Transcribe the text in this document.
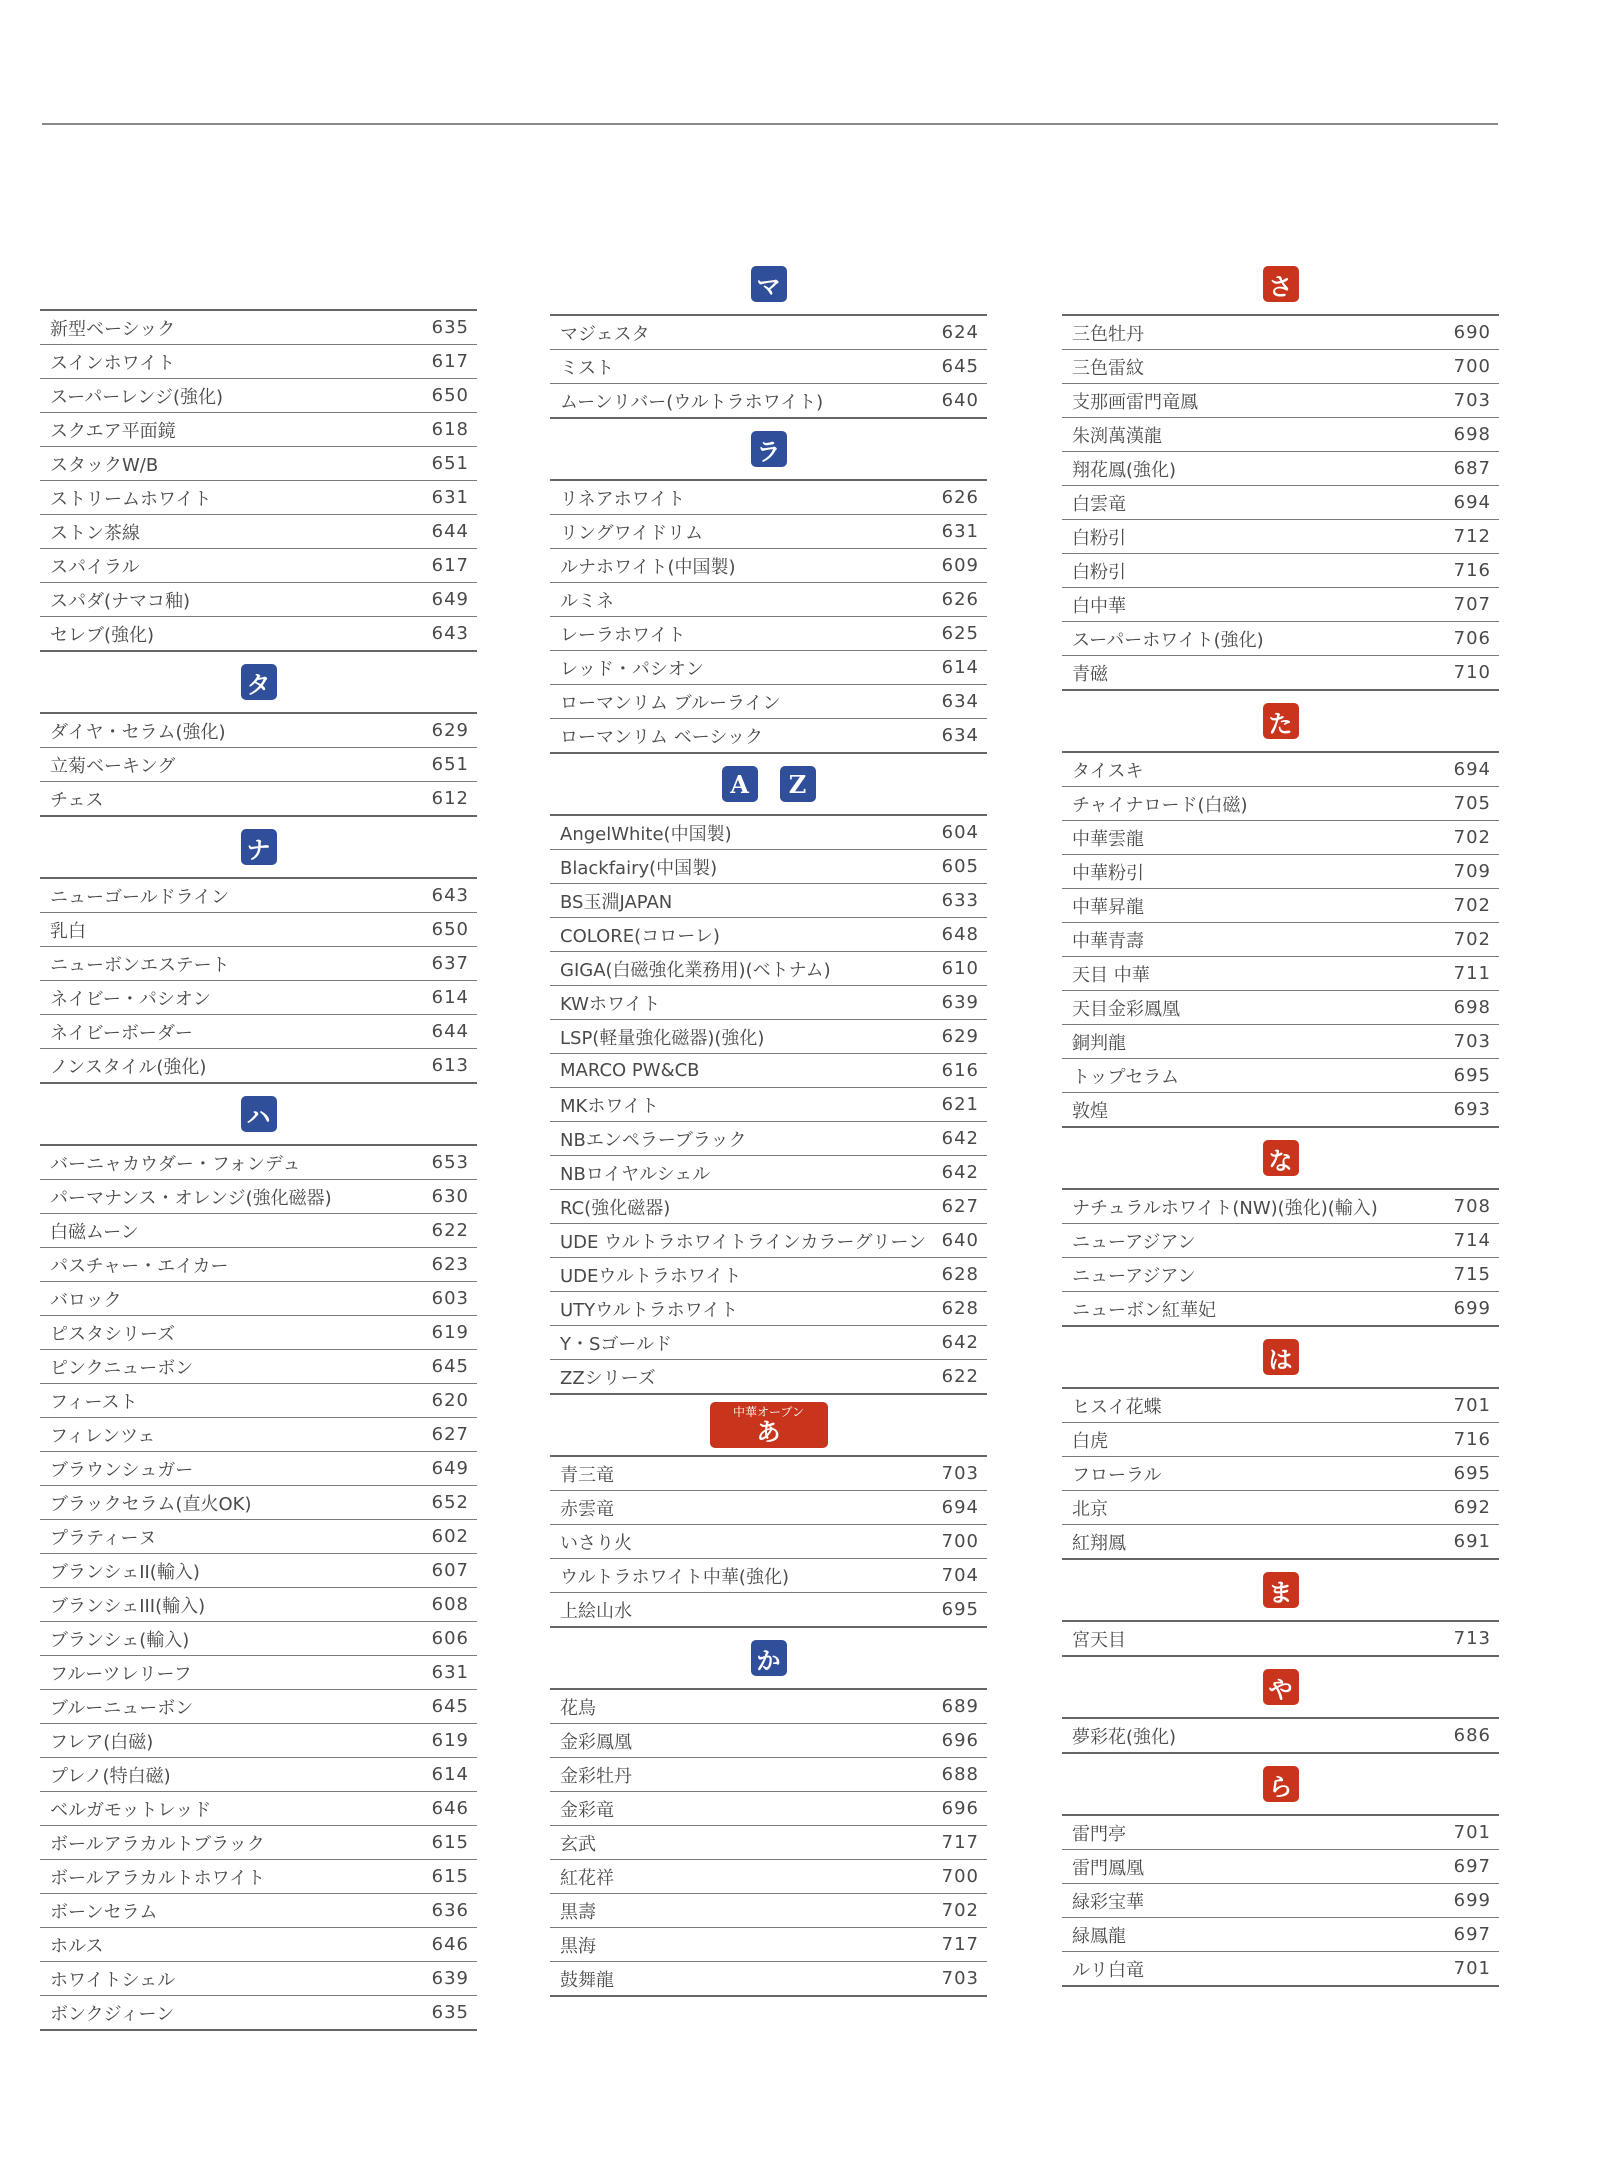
新型ベーシック	635
スインホワイト	617
スーパーレンジ(強化)	650
スクエア平面鏡	618
スタックW/B	651
ストリームホワイト	631
ストン茶線	644
スパイラル	617
スパダ(ナマコ釉)	649
セレブ(強化)	643
タ
ダイヤ・セラム(強化)	629
立菊ベーキング	651
チェス	612
ナ
ニューゴールドライン	643
乳白	650
ニューボンエステート	637
ネイビー・パシオン	614
ネイビーボーダー	644
ノンスタイル(強化)	613
ハ
バーニャカウダー・フォンデュ	653
パーマナンス・オレンジ(強化磁器)	630
白磁ムーン	622
パスチャー・エイカー	623
バロック	603
ピスタシリーズ	619
ピンクニューボン	645
フィースト	620
フィレンツェ	627
ブラウンシュガー	649
ブラックセラム(直火OK)	652
プラティーヌ	602
ブランシェII(輸入)	607
ブランシェIII(輸入)	608
ブランシェ(輸入)	606
フルーツレリーフ	631
ブルーニューボン	645
フレア(白磁)	619
プレノ(特白磁)	614
ベルガモットレッド	646
ボールアラカルトブラック	615
ボールアラカルトホワイト	615
ボーンセラム	636
ホルス	646
ホワイトシェル	639
ボンクジィーン	635
マ
マジェスタ	624
ミスト	645
ムーンリバー(ウルトラホワイト)	640
ラ
リネアホワイト	626
リングワイドリム	631
ルナホワイト(中国製)	609
ルミネ	626
レーラホワイト	625
レッド・パシオン	614
ローマンリム ブルーライン	634
ローマンリム ベーシック	634
A	Z
AngelWhite(中国製)	604
Blackfairy(中国製)	605
BS玉淵JAPAN	633
COLORE(コローレ)	648
GIGA(白磁強化業務用)(ベトナム)	610
KWホワイト	639
LSP(軽量強化磁器)(強化)	629
MARCO PW&CB	616
MKホワイト	621
NBエンペラーブラック	642
NBロイヤルシェル	642
RC(強化磁器)	627
UDE ウルトラホワイトラインカラーグリーン 640
UDEウルトラホワイト	628
UTYウルトラホワイト	628
Y・Sゴールド	642
ZZシリーズ	622
中華オーブン
あ
青三竜	703
赤雲竜	694
いさり火	700
ウルトラホワイト中華(強化)	704
上絵山水	695
か
花鳥	689
金彩鳳凰	696
金彩牡丹	688
金彩竜	696
玄武	717
紅花祥	700
黒壽	702
黒海	717
鼓舞龍	703
さ
三色牡丹	690
三色雷紋	700
支那画雷門竜鳳	703
朱渕萬漢龍	698
翔花鳳(強化)	687
白雲竜	694
白粉引	712
白粉引	716
白中華	707
スーパーホワイト(強化)	706
青磁	710
た
タイスキ	694
チャイナロード(白磁)	705
中華雲龍	702
中華粉引	709
中華昇龍	702
中華青壽	702
天目 中華	711
天目金彩鳳凰	698
銅判龍	703
トップセラム	695
敦煌	693
な
ナチュラルホワイト(NW)(強化)(輸入)	708
ニューアジアン	714
ニューアジアン	715
ニューボン紅華妃	699
は
ヒスイ花蝶	701
白虎	716
フローラル	695
北京	692
紅翔鳳	691
ま
宮天目	713
や
夢彩花(強化)	686
ら
雷門亭	701
雷門鳳凰	697
緑彩宝華	699
緑鳳龍	697
ルリ白竜	701
